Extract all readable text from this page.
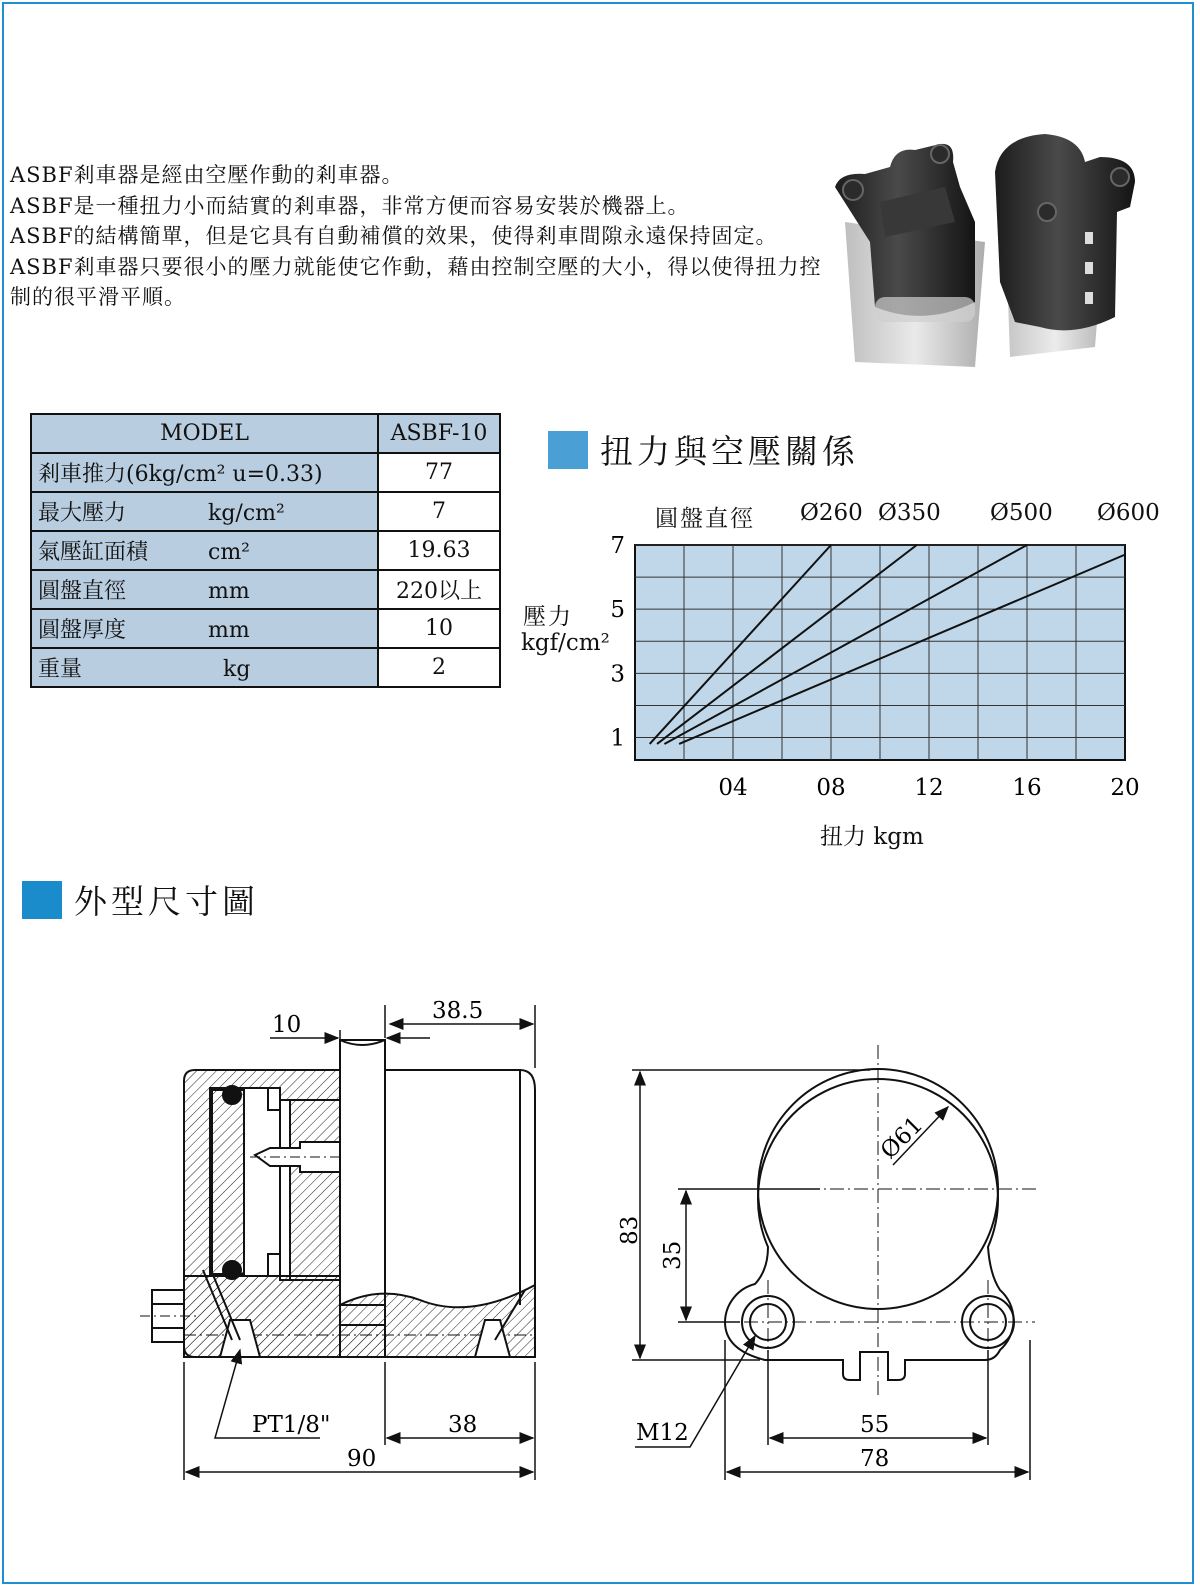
ASBF剎車器是經由空壓作動的剎車器。

ASBF是一種扭力小而結實的剎車器，非常方便而容易安裝於機器上。

ASBF的結構簡單，但是它具有自動補償的效果，使得剎車間隙永遠保持固定。

ASBF剎車器只要很小的壓力就能使它作動，藉由控制空壓的大小，得以使得扭力控制的很平滑平順。

MODEL	ASBF-10
剎車推力(6kg/cm² u=0.33)	77
最大壓力 kg/cm²	7
氣壓缸面積 cm²	19.63
圓盤直徑 mm	220以上
圓盤厚度 mm	10
重量 kg	2
扭力與空壓關係
圓盤直徑 Ø260 Ø350 Ø500 Ø600
壓力
kgf/cm²
扭力 kgm
04	08	12	16	20
1
3
5
7
外型尺寸圖
10
38.5
PT1/8"	38
90
Ø61
83
35
M12	55
78
